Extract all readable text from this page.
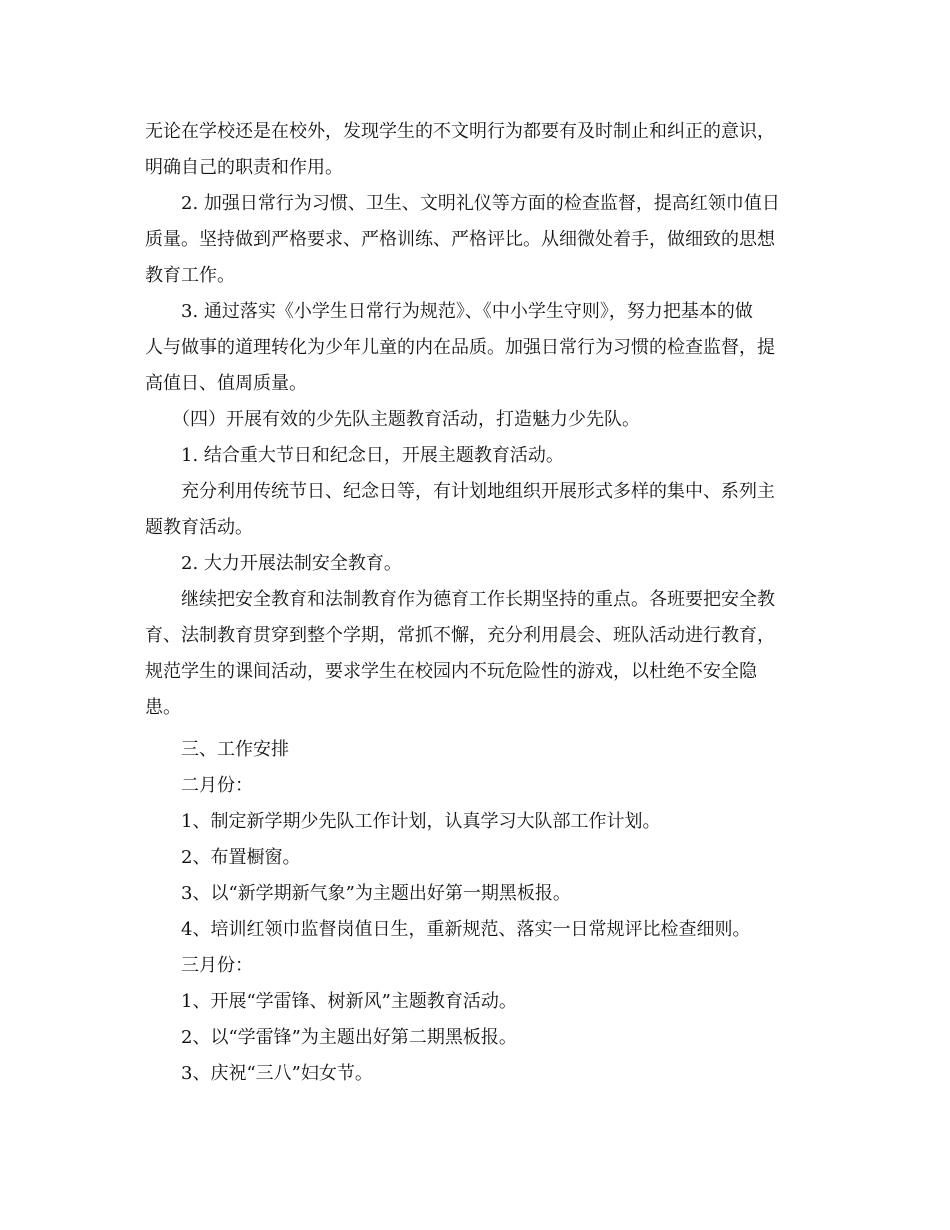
无论在学校还是在校外，发现学生的不文明行为都要有及时制止和纠正的意识，
明确自己的职责和作用。

2. 加强日常行为习惯、卫生、文明礼仪等方面的检查监督，提高红领巾值日
质量。坚持做到严格要求、严格训练、严格评比。从细微处着手，做细致的思想
教育工作。

3. 通过落实《小学生日常行为规范》、《中小学生守则》，努力把基本的做
人与做事的道理转化为少年儿童的内在品质。加强日常行为习惯的检查监督，提
高值日、值周质量。

（四）开展有效的少先队主题教育活动，打造魅力少先队。

1. 结合重大节日和纪念日，开展主题教育活动。

充分利用传统节日、纪念日等，有计划地组织开展形式多样的集中、系列主
题教育活动。

2. 大力开展法制安全教育。

继续把安全教育和法制教育作为德育工作长期坚持的重点。各班要把安全教
育、法制教育贯穿到整个学期，常抓不懈，充分利用晨会、班队活动进行教育，
规范学生的课间活动，要求学生在校园内不玩危险性的游戏，以杜绝不安全隐
患。

三、工作安排

二月份：

1、制定新学期少先队工作计划，认真学习大队部工作计划。

2、布置橱窗。

3、以“新学期新气象”为主题出好第一期黑板报。

4、培训红领巾监督岗值日生，重新规范、落实一日常规评比检查细则。

三月份：

1、开展“学雷锋、树新风”主题教育活动。

2、以“学雷锋”为主题出好第二期黑板报。

3、庆祝“三八”妇女节。
